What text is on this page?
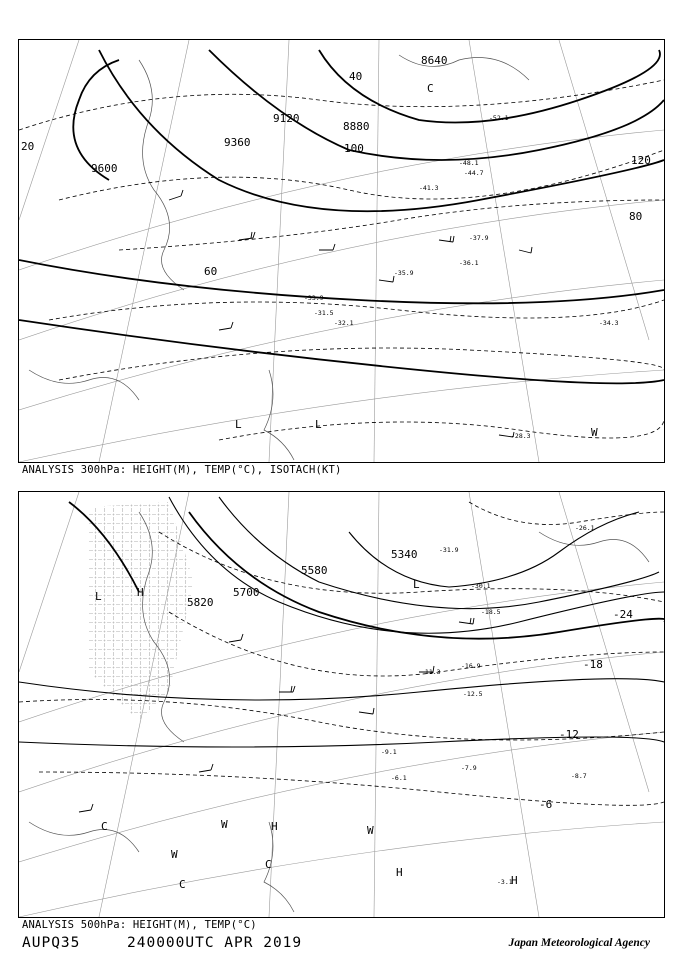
9600
9360
9120
8880
8640
20
40
60
80
100
120
-33.9
-35.9
-36.1
-31.5
-32.1
-28.3
-34.3
-37.9
-41.3
-44.7
-48.1
-52.1
L	L
W
C
ANALYSIS 300hPa: HEIGHT(M), TEMP(°C), ISOTACH(KT)
5340
5580
5700
5820
-24
-18
-12
-6
-3.1
-7.9
-8.7
-9.1
-6.1
-11.3
-12.5
-16.9
-18.5
-26.1
-30.1
-31.9
L
H
L
H
H
H
W
W
W
C
C
C
ANALYSIS 500hPa: HEIGHT(M), TEMP(°C)
AUPQ35	240000UTC APR 2019	Japan Meteorological Agency
